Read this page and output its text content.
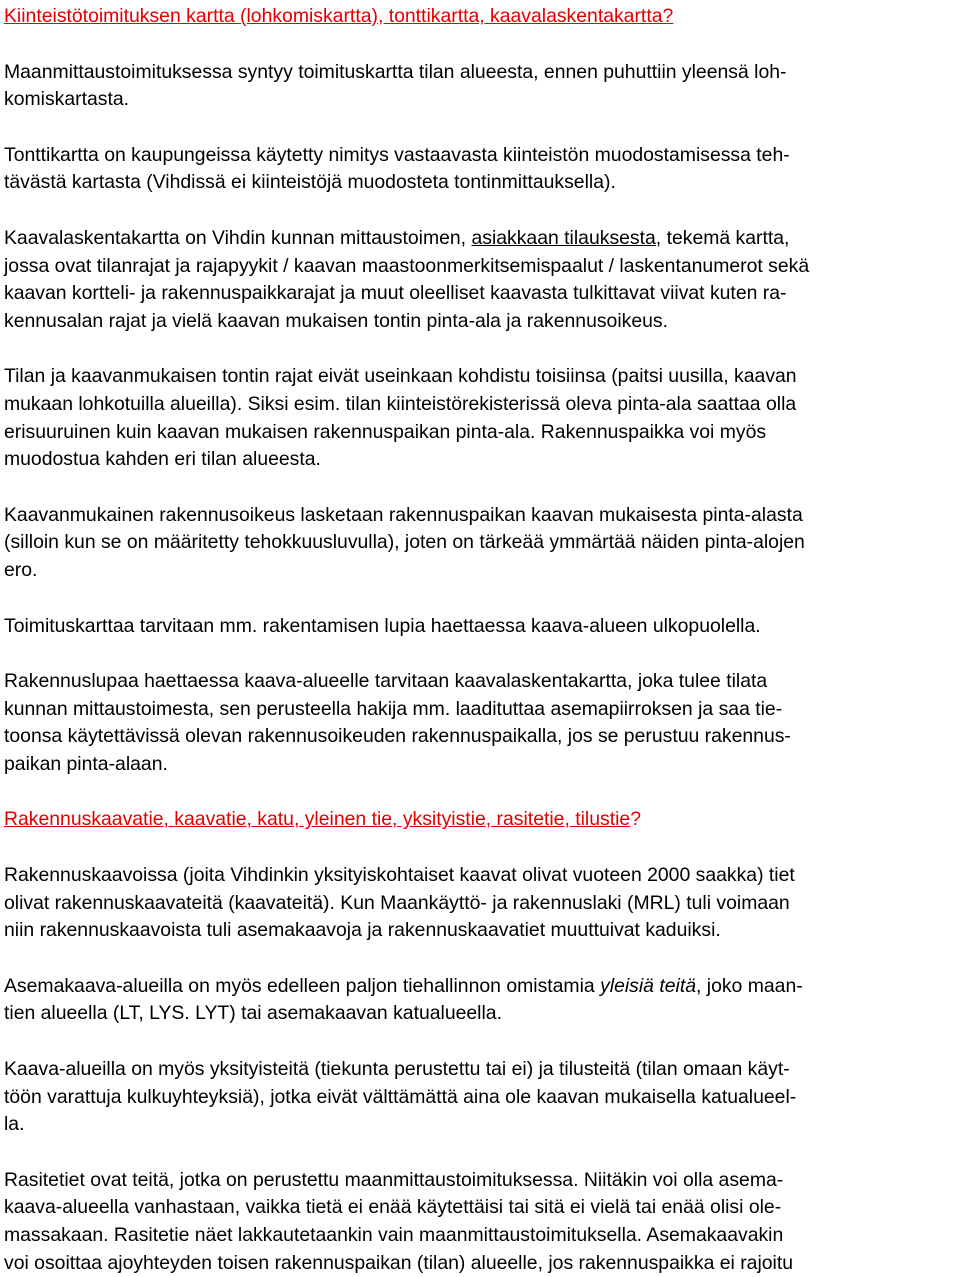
Kiinteistötoimituksen kartta (lohkomiskartta), tonttikartta, kaavalaskentakartta?

Maanmittaustoimituksessa syntyy toimituskartta tilan alueesta, ennen puhuttiin yleensä loh-
komiskartasta.

Tonttikartta on kaupungeissa käytetty nimitys vastaavasta kiinteistön muodostamisessa teh-
tävästä kartasta (Vihdissä ei kiinteistöjä muodosteta tontinmittauksella).

Kaavalaskentakartta on Vihdin kunnan mittaustoimen, asiakkaan tilauksesta, tekemä kartta,
jossa ovat tilanrajat ja rajapyykit / kaavan maastoonmerkitsemispaalut / laskentanumerot sekä
kaavan kortteli- ja rakennuspaikkarajat ja muut oleelliset kaavasta tulkittavat viivat kuten ra-
kennusalan rajat ja vielä kaavan mukaisen tontin pinta-ala ja rakennusoikeus.

Tilan ja kaavanmukaisen tontin rajat eivät useinkaan kohdistu toisiinsa (paitsi uusilla, kaavan
mukaan lohkotuilla alueilla). Siksi esim. tilan kiinteistörekisterissä oleva pinta-ala saattaa olla
erisuuruinen kuin kaavan mukaisen rakennuspaikan pinta-ala. Rakennuspaikka voi myös
muodostua kahden eri tilan alueesta.

Kaavanmukainen rakennusoikeus lasketaan rakennuspaikan kaavan mukaisesta pinta-alasta
(silloin kun se on määritetty tehokkuusluvulla), joten on tärkeää ymmärtää näiden pinta-alojen
ero.

Toimituskarttaa tarvitaan mm. rakentamisen lupia haettaessa kaava-alueen ulkopuolella.

Rakennuslupaa haettaessa kaava-alueelle tarvitaan kaavalaskentakartta, joka tulee tilata
kunnan mittaustoimesta, sen perusteella hakija mm. laadituttaa asemapiirroksen ja saa tie-
toonsa käytettävissä olevan rakennusoikeuden rakennuspaikalla, jos se perustuu rakennus-
paikan pinta-alaan.

Rakennuskaavatie, kaavatie, katu, yleinen tie, yksityistie, rasitetie, tilustie?

Rakennuskaavoissa (joita Vihdinkin yksityiskohtaiset kaavat olivat vuoteen 2000 saakka) tiet
olivat rakennuskaavateitä (kaavateitä). Kun Maankäyttö- ja rakennuslaki (MRL) tuli voimaan
niin rakennuskaavoista tuli asemakaavoja ja rakennuskaavatiet muuttuivat kaduiksi.

Asemakaava-alueilla on myös edelleen paljon tiehallinnon omistamia yleisiä teitä, joko maan-
tien alueella (LT, LYS. LYT) tai asemakaavan katualueella.

Kaava-alueilla on myös yksityisteitä (tiekunta perustettu tai ei) ja tilusteitä (tilan omaan käyt-
töön varattuja kulkuyhteyksiä), jotka eivät välttämättä aina ole kaavan mukaisella katualueel-
la.

Rasitetiet ovat teitä, jotka on perustettu maanmittaustoimituksessa. Niitäkin voi olla asema-
kaava-alueella vanhastaan, vaikka tietä ei enää käytettäisi tai sitä ei vielä tai enää olisi ole-
massakaan. Rasitetie näet lakkautetaankin vain maanmittaustoimituksella. Asemakaavakin
voi osoittaa ajoyhteyden toisen rakennuspaikan (tilan) alueelle, jos rakennuspaikka ei rajoitu
